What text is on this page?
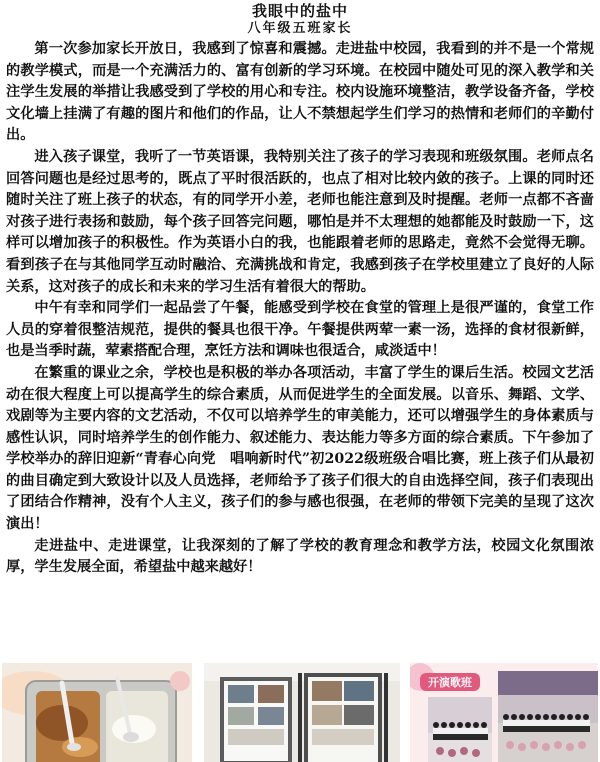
我眼中的盐中
八年级五班家长

第一次参加家长开放日，我感到了惊喜和震撼。走进盐中校园，我看到的并不是一个常规的教学模式，而是一个充满活力的、富有创新的学习环境。在校园中随处可见的深入教学和关注学生发展的举措让我感受到了学校的用心和专注。校内设施环境整洁，教学设备齐备，学校文化墙上挂满了有趣的图片和他们的作品，让人不禁想起学生们学习的热情和老师们的辛勤付出。

进入孩子课堂，我听了一节英语课，我特别关注了孩子的学习表现和班级氛围。老师点名回答问题也是经过思考的，既点了平时很活跃的，也点了相对比较内敛的孩子。上课的同时还随时关注了班上孩子的状态，有的同学开小差，老师也能注意到及时提醒。老师一点都不吝啬对孩子进行表扬和鼓励，每个孩子回答完问题，哪怕是并不太理想的她都能及时鼓励一下，这样可以增加孩子的积极性。作为英语小白的我，也能跟着老师的思路走，竟然不会觉得无聊。看到孩子在与其他同学互动时融洽、充满挑战和肯定，我感到孩子在学校里建立了良好的人际关系，这对孩子的成长和未来的学习生活有着很大的帮助。

中午有幸和同学们一起品尝了午餐，能感受到学校在食堂的管理上是很严谨的，食堂工作人员的穿着很整洁规范，提供的餐具也很干净。午餐提供两荤一素一汤，选择的食材很新鲜，也是当季时蔬，荤素搭配合理，烹饪方法和调味也很适合，咸淡适中！

在繁重的课业之余，学校也是积极的举办各项活动，丰富了学生的课后生活。校园文艺活动在很大程度上可以提高学生的综合素质，从而促进学生的全面发展。以音乐、舞蹈、文学、戏剧等为主要内容的文艺活动，不仅可以培养学生的审美能力，还可以增强学生的身体素质与感性认识，同时培养学生的创作能力、叙述能力、表达能力等多方面的综合素质。下午参加了学校举办的辞旧迎新“青春心向党　唱响新时代”初2022级班级合唱比赛，班上孩子们从最初的曲目确定到大致设计以及人员选择，老师给予了孩子们很大的自由选择空间，孩子们表现出了团结合作精神，没有个人主义，孩子们的参与感也很强，在老师的带领下完美的呈现了这次演出！

走进盐中、走进课堂，让我深刻的了解了学校的教育理念和教学方法，校园文化氛围浓厚，学生发展全面，希望盐中越来越好！

开演歌班
